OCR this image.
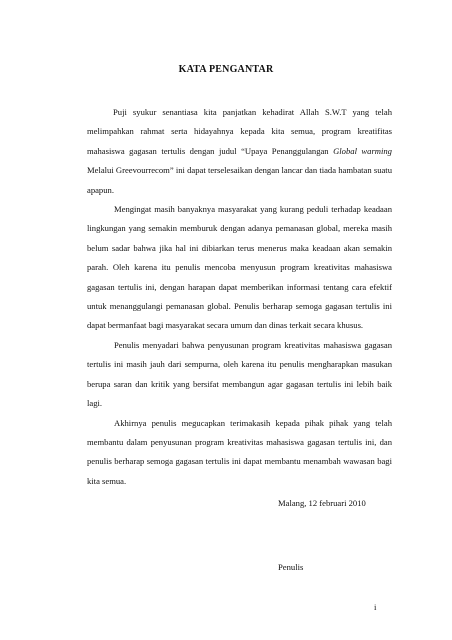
KATA PENGANTAR

Puji syukur senantiasa kita panjatkan kehadirat Allah S.W.T yang telah melimpahkan rahmat serta hidayahnya kepada kita semua, program kreatifitas mahasiswa gagasan tertulis dengan judul “Upaya Penanggulangan Global warming Melalui Greevourrecom” ini dapat terselesaikan dengan lancar dan tiada hambatan suatu apapun.

Mengingat masih banyaknya masyarakat yang kurang peduli terhadap keadaan lingkungan yang semakin memburuk dengan adanya pemanasan global, mereka masih belum sadar bahwa jika hal ini dibiarkan terus menerus maka keadaan akan semakin parah. Oleh karena itu penulis mencoba menyusun program kreativitas mahasiswa gagasan tertulis ini, dengan harapan dapat memberikan informasi tentang cara efektif untuk menanggulangi pemanasan global. Penulis berharap semoga gagasan tertulis ini dapat bermanfaat bagi masyarakat secara umum dan dinas terkait secara khusus.

Penulis menyadari bahwa penyusunan program kreativitas mahasiswa gagasan tertulis ini masih jauh dari sempurna, oleh karena itu penulis mengharapkan masukan berupa saran dan kritik yang bersifat membangun agar gagasan tertulis ini lebih baik lagi.

Akhirnya penulis megucapkan terimakasih kepada pihak pihak yang telah membantu dalam penyusunan program kreativitas mahasiswa gagasan tertulis ini, dan penulis berharap semoga gagasan tertulis ini dapat membantu menambah wawasan bagi kita semua.

Malang, 12 februari 2010
Penulis
i
